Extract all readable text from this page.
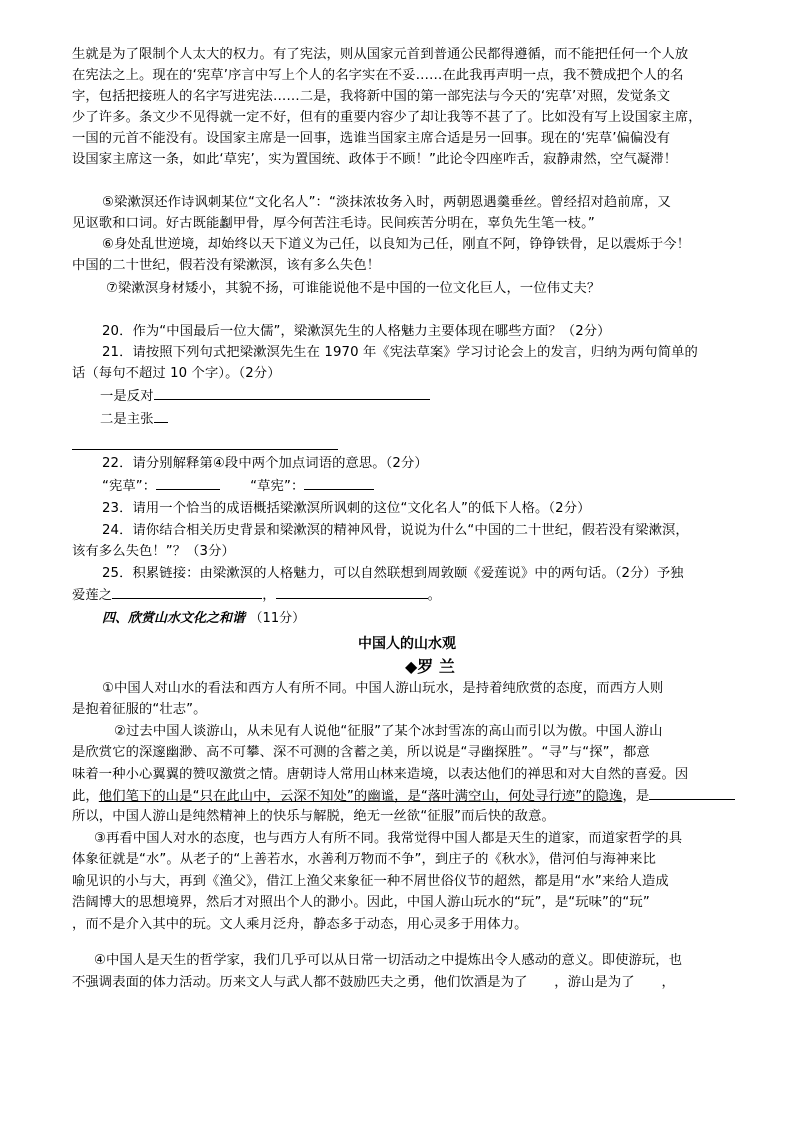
生就是为了限制个人太大的权力。有了宪法，则从国家元首到普通公民都得遵循，而不能把任何一个人放
在宪法之上。现在的‘宪草’序言中写上个人的名字实在不妥……在此我再声明一点，我不赞成把个人的名
字，包括把接班人的名字写进宪法……二是，我将新中国的第一部宪法与今天的‘宪草’对照，发觉条文
少了许多。条文少不见得就一定不好，但有的重要内容少了却让我等不甚了了。比如没有写上设国家主席，
一国的元首不能没有。设国家主席是一回事，选谁当国家主席合适是另一回事。现在的‘宪草’偏偏没有
设国家主席这一条，如此‘草宪’，实为置国统、政体于不顾！”此论令四座咋舌，寂静肃然，空气凝滞！
⑤梁漱溟还作诗讽刺某位“文化名人”：“淡抹浓妆务入时，两朝恩遇羹垂丝。曾经招对趋前席，又
见讴歌和口词。好古既能劙甲骨，厚今何苦注毛诗。民间疾苦分明在，辜负先生笔一枝。”
⑥身处乱世逆境，却始终以天下道义为己任，以良知为己任，刚直不阿，铮铮铁骨，足以震烁于今！
中国的二十世纪，假若没有梁漱溟，该有多么失色！
⑦梁漱溟身材矮小，其貌不扬，可谁能说他不是中国的一位文化巨人，一位伟丈夫？
20．作为“中国最后一位大儒”，梁漱溟先生的人格魅力主要体现在哪些方面？（2分）
21．请按照下列句式把梁漱溟先生在 1970 年《宪法草案》学习讨论会上的发言，归纳为两句简单的
话（每句不超过 10 个字）。（2分）
一是反对
二是主张
22．请分别解释第④段中两个加点词语的意思。（2分）
“宪草”：	“草宪”：
23．请用一个恰当的成语概括梁漱溟所讽刺的这位“文化名人”的低下人格。（2分）
24．请你结合相关历史背景和梁漱溟的精神风骨，说说为什么“中国的二十世纪，假若没有梁漱溟，
该有多么失色！”？（3分）
25．积累链接：由梁漱溟的人格魅力，可以自然联想到周敦颐《爱莲说》中的两句话。（2分）予独
爱莲之	，	。
四、欣赏山水文化之和谐 （11分）
中国人的山水观
◆罗 兰
①中国人对山水的看法和西方人有所不同。中国人游山玩水，是持着纯欣赏的态度，而西方人则
是抱着征服的“壮志”。
②过去中国人谈游山，从未见有人说他“征服”了某个冰封雪冻的高山而引以为傲。中国人游山
是欣赏它的深邃幽渺、高不可攀、深不可测的含蓄之美，所以说是“寻幽探胜”。“寻”与“探”，都意
味着一种小心翼翼的赞叹激赏之情。唐朝诗人常用山林来造境，以表达他们的禅思和对大自然的喜爱。因
此，他们笔下的山是“只在此山中，云深不知处”的幽谧，是“落叶满空山，何处寻行迹”的隐逸，是
所以，中国人游山是纯然精神上的快乐与解脱，绝无一丝欲“征服”而后快的敌意。
③再看中国人对水的态度，也与西方人有所不同。我常觉得中国人都是天生的道家，而道家哲学的具
体象征就是“水”。从老子的“上善若水，水善利万物而不争”，到庄子的《秋水》，借河伯与海神来比
喻见识的小与大，再到《渔父》，借江上渔父来象征一种不屑世俗仪节的超然，都是用“水”来给人造成
浩阔博大的思想境界，然后才对照出个人的渺小。因此，中国人游山玩水的“玩”，是“玩味”的“玩”
，而不是介入其中的玩。文人乘月泛舟，静态多于动态，用心灵多于用体力。
④中国人是天生的哲学家，我们几乎可以从日常一切活动之中提炼出令人感动的意义。即使游玩，也
不强调表面的体力活动。历来文人与武人都不鼓励匹夫之勇，他们饮酒是为了　　，游山是为了　　，
